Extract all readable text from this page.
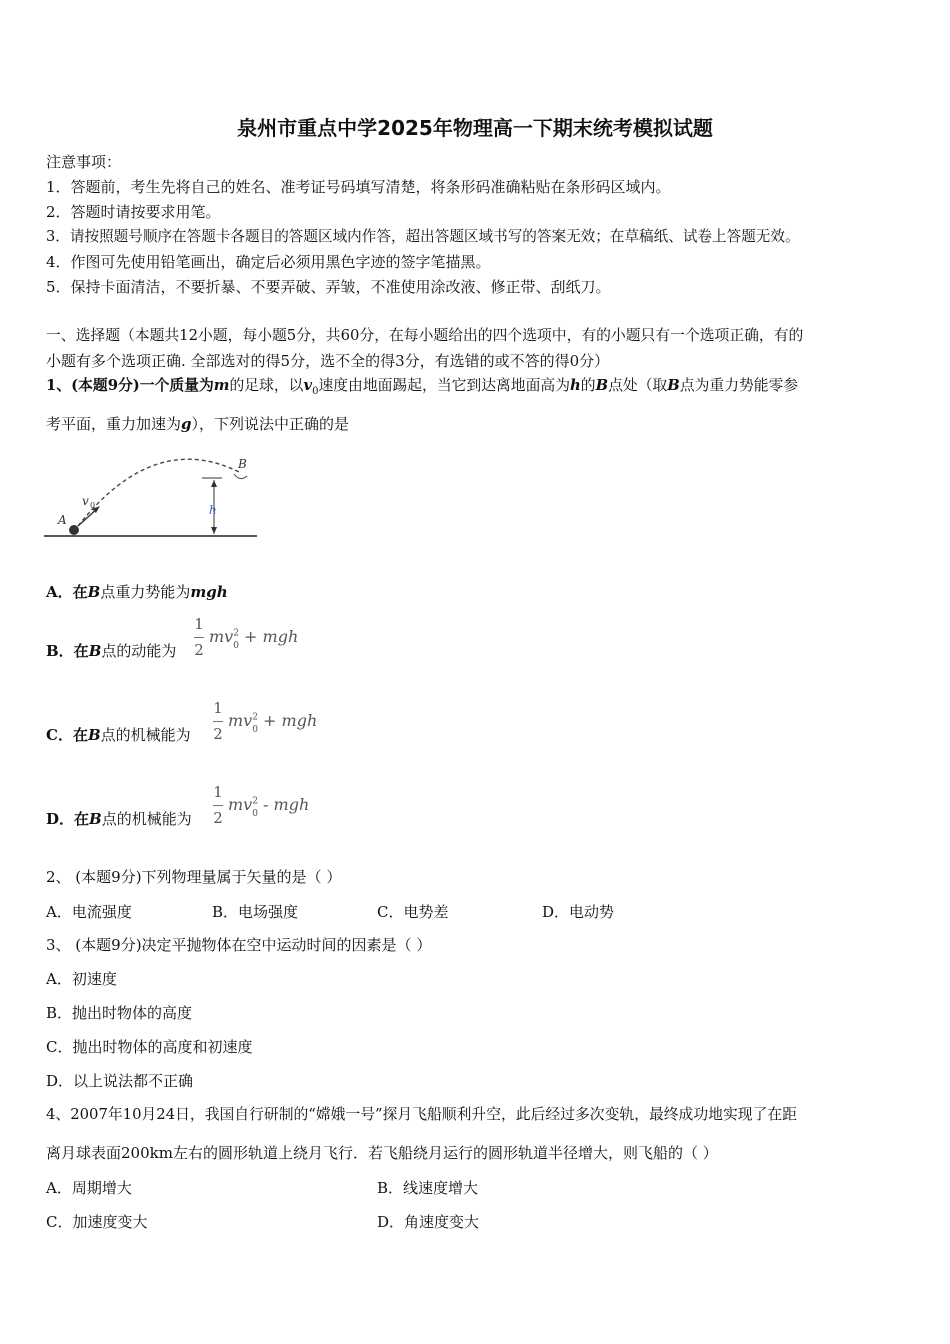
泉州市重点中学2025年物理高一下期末统考模拟试题
注意事项：
1．答题前，考生先将自己的姓名、准考证号码填写清楚，将条形码准确粘贴在条形码区域内。
2．答题时请按要求用笔。
3．请按照题号顺序在答题卡各题目的答题区域内作答，超出答题区域书写的答案无效；在草稿纸、试卷上答题无效。
4．作图可先使用铅笔画出，确定后必须用黑色字迹的签字笔描黑。
5．保持卡面清洁，不要折暴、不要弄破、弄皱，不准使用涂改液、修正带、刮纸刀。
一、选择题（本题共12小题，每小题5分，共60分，在每小题给出的四个选项中，有的小题只有一个选项正确，有的
小题有多个选项正确. 全部选对的得5分，选不全的得3分，有选错的或不答的得0分）
1、(本题9分)一个质量为m的足球，以$v_0$速度由地面踢起，当它到达离地面高为h的B点处（取B点为重力势能零参
考平面，重力加速为g），下列说法中正确的是
A
B
v 0	h
A．在B点重力势能为mgh
B．在B点的动能为
1
2
$mv^2$
0 + mgh
C．在B点的机械能为
1
2
$mv^2$
0 + mgh
D．在B点的机械能为
1
2
$mv^2$
0 - mgh
2、 (本题9分)下列物理量属于矢量的是（ ）
A．电流强度	B．电场强度	C．电势差	D．电动势
3、 (本题9分)决定平抛物体在空中运动时间的因素是（ ）
A．初速度
B．抛出时物体的高度
C．抛出时物体的高度和初速度
D．以上说法都不正确
4、2007年10月24日，我国自行研制的“嫦娥一号”探月飞船顺利升空，此后经过多次变轨，最终成功地实现了在距
离月球表面200km左右的圆形轨道上绕月飞行．若飞船绕月运行的圆形轨道半径增大，则飞船的（ ）
A．周期增大	B．线速度增大
C．加速度变大	D．角速度变大
